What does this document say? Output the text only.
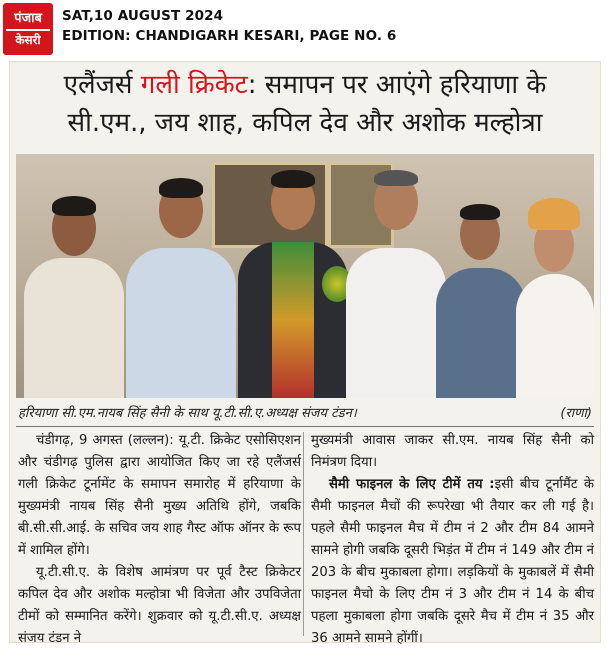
पंजाब
केसरी
SAT,10 AUGUST 2024
EDITION: CHANDIGARH KESARI, PAGE NO. 6
एलैंजर्स गली क्रिकेट: समापन पर आएंगे हरियाणा के
सी.एम., जय शाह, कपिल देव और अशोक मल्होत्रा
हरियाणा सी.एम.नायब सिंह सैनी के साथ यू.टी.सी.ए.अध्यक्ष संजय टंडन।	(राणा)

चंडीगढ़, 9 अगस्त (लल्लन): यू.टी. क्रिकेट एसोसिएशन और चंडीगढ़ पुलिस द्वारा आयोजित किए जा रहे एलैंजर्स गली क्रिकेट टूर्नामेंट के समापन समारोह में हरियाणा के मुख्यमंत्री नायब सिंह सैनी मुख्य अतिथि होंगे, जबकि बी.सी.सी.आई. के सचिव जय शाह गैस्ट ऑफ ऑनर के रूप में शामिल होंगे।

यू.टी.सी.ए. के विशेष आमंत्रण पर पूर्व टैस्ट क्रिकेटर कपिल देव और अशोक मल्होत्रा भी विजेता और उपविजेता टीमों को सम्मानित करेंगे। शुक्रवार को यू.टी.सी.ए. अध्यक्ष संजय टंडन ने

मुख्यमंत्री आवास जाकर सी.एम. नायब सिंह सैनी को निमंत्रण दिया।

सैमी फाइनल के लिए टीमें तय :इसी बीच टूर्नामैंट के सैमी फाइनल मैचों की रूपरेखा भी तैयार कर ली गई है। पहले सैमी फाइनल मैच में टीम नं 2 और टीम 84 आमने सामने होगी जबकि दूसरी भिड़ंत में टीम नं 149 और टीम नं 203 के बीच मुकाबला होगा। लड़कियों के मुकाबलें में सैमी फाइनल मैचो के लिए टीम नं 3 और टीम नं 14 के बीच पहला मुकाबला होगा जबकि दूसरे मैच में टीम नं 35 और 36 आमने सामने होंगीं।
